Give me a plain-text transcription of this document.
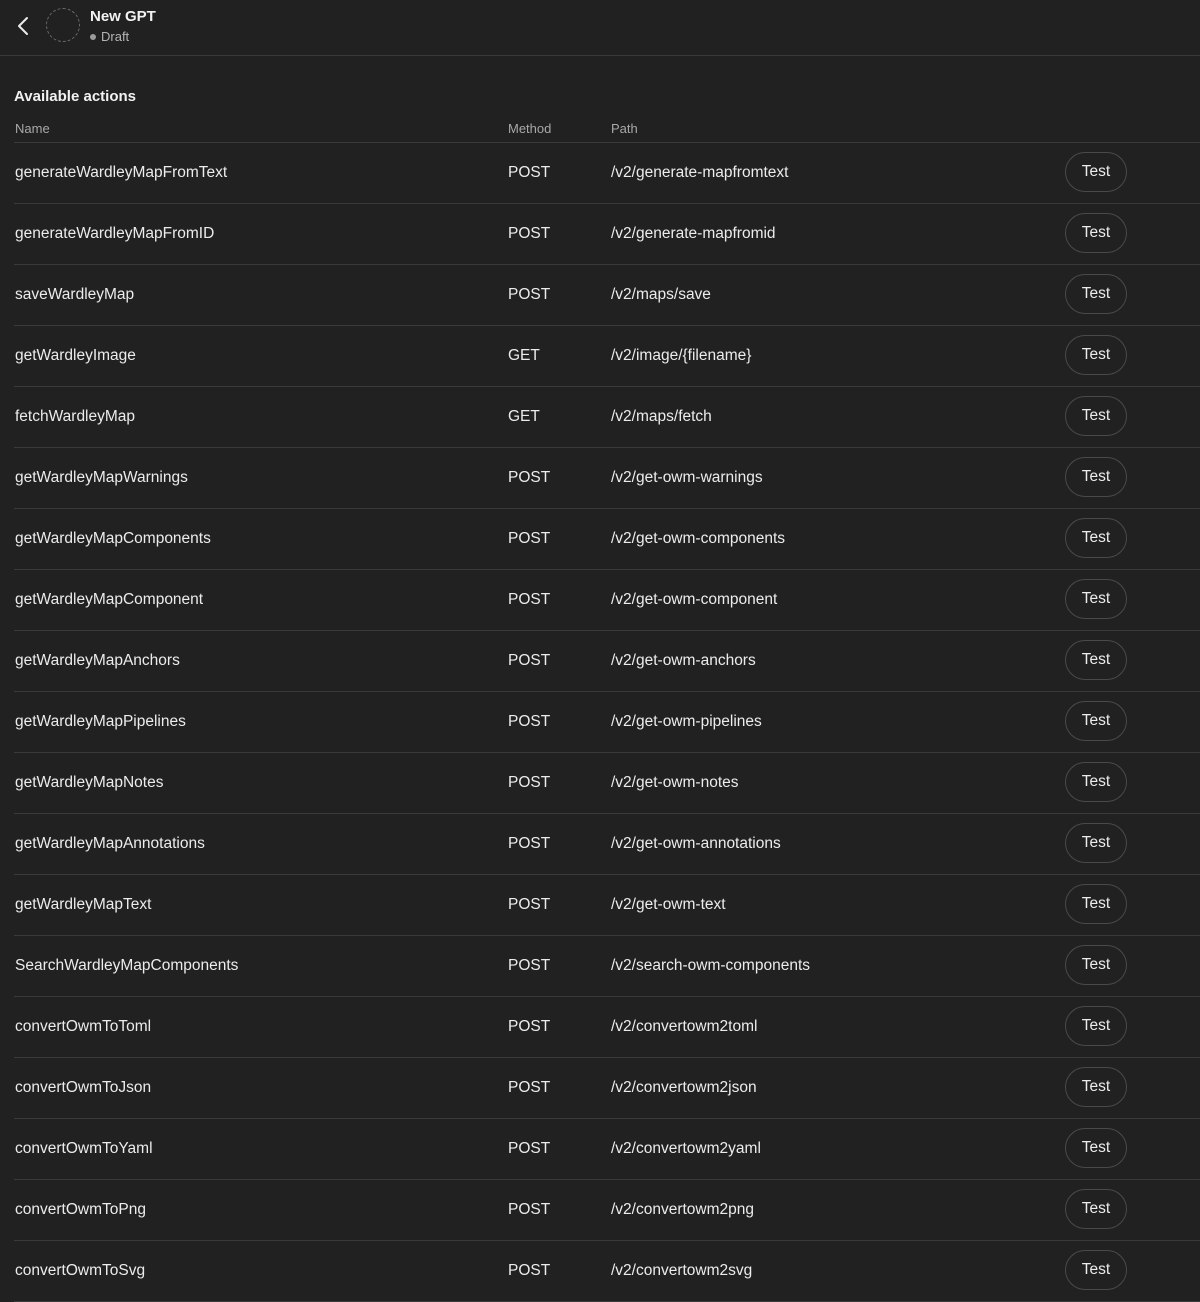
New GPT
Draft
Available actions
Name	Method	Path
generateWardleyMapFromText	POST	/v2/generate-mapfromtext	Test
generateWardleyMapFromID	POST	/v2/generate-mapfromid	Test
saveWardleyMap	POST	/v2/maps/save	Test
getWardleyImage	GET	/v2/image/{filename}	Test
fetchWardleyMap	GET	/v2/maps/fetch	Test
getWardleyMapWarnings	POST	/v2/get-owm-warnings	Test
getWardleyMapComponents	POST	/v2/get-owm-components	Test
getWardleyMapComponent	POST	/v2/get-owm-component	Test
getWardleyMapAnchors	POST	/v2/get-owm-anchors	Test
getWardleyMapPipelines	POST	/v2/get-owm-pipelines	Test
getWardleyMapNotes	POST	/v2/get-owm-notes	Test
getWardleyMapAnnotations	POST	/v2/get-owm-annotations	Test
getWardleyMapText	POST	/v2/get-owm-text	Test
SearchWardleyMapComponents	POST	/v2/search-owm-components	Test
convertOwmToToml	POST	/v2/convertowm2toml	Test
convertOwmToJson	POST	/v2/convertowm2json	Test
convertOwmToYaml	POST	/v2/convertowm2yaml	Test
convertOwmToPng	POST	/v2/convertowm2png	Test
convertOwmToSvg	POST	/v2/convertowm2svg	Test
